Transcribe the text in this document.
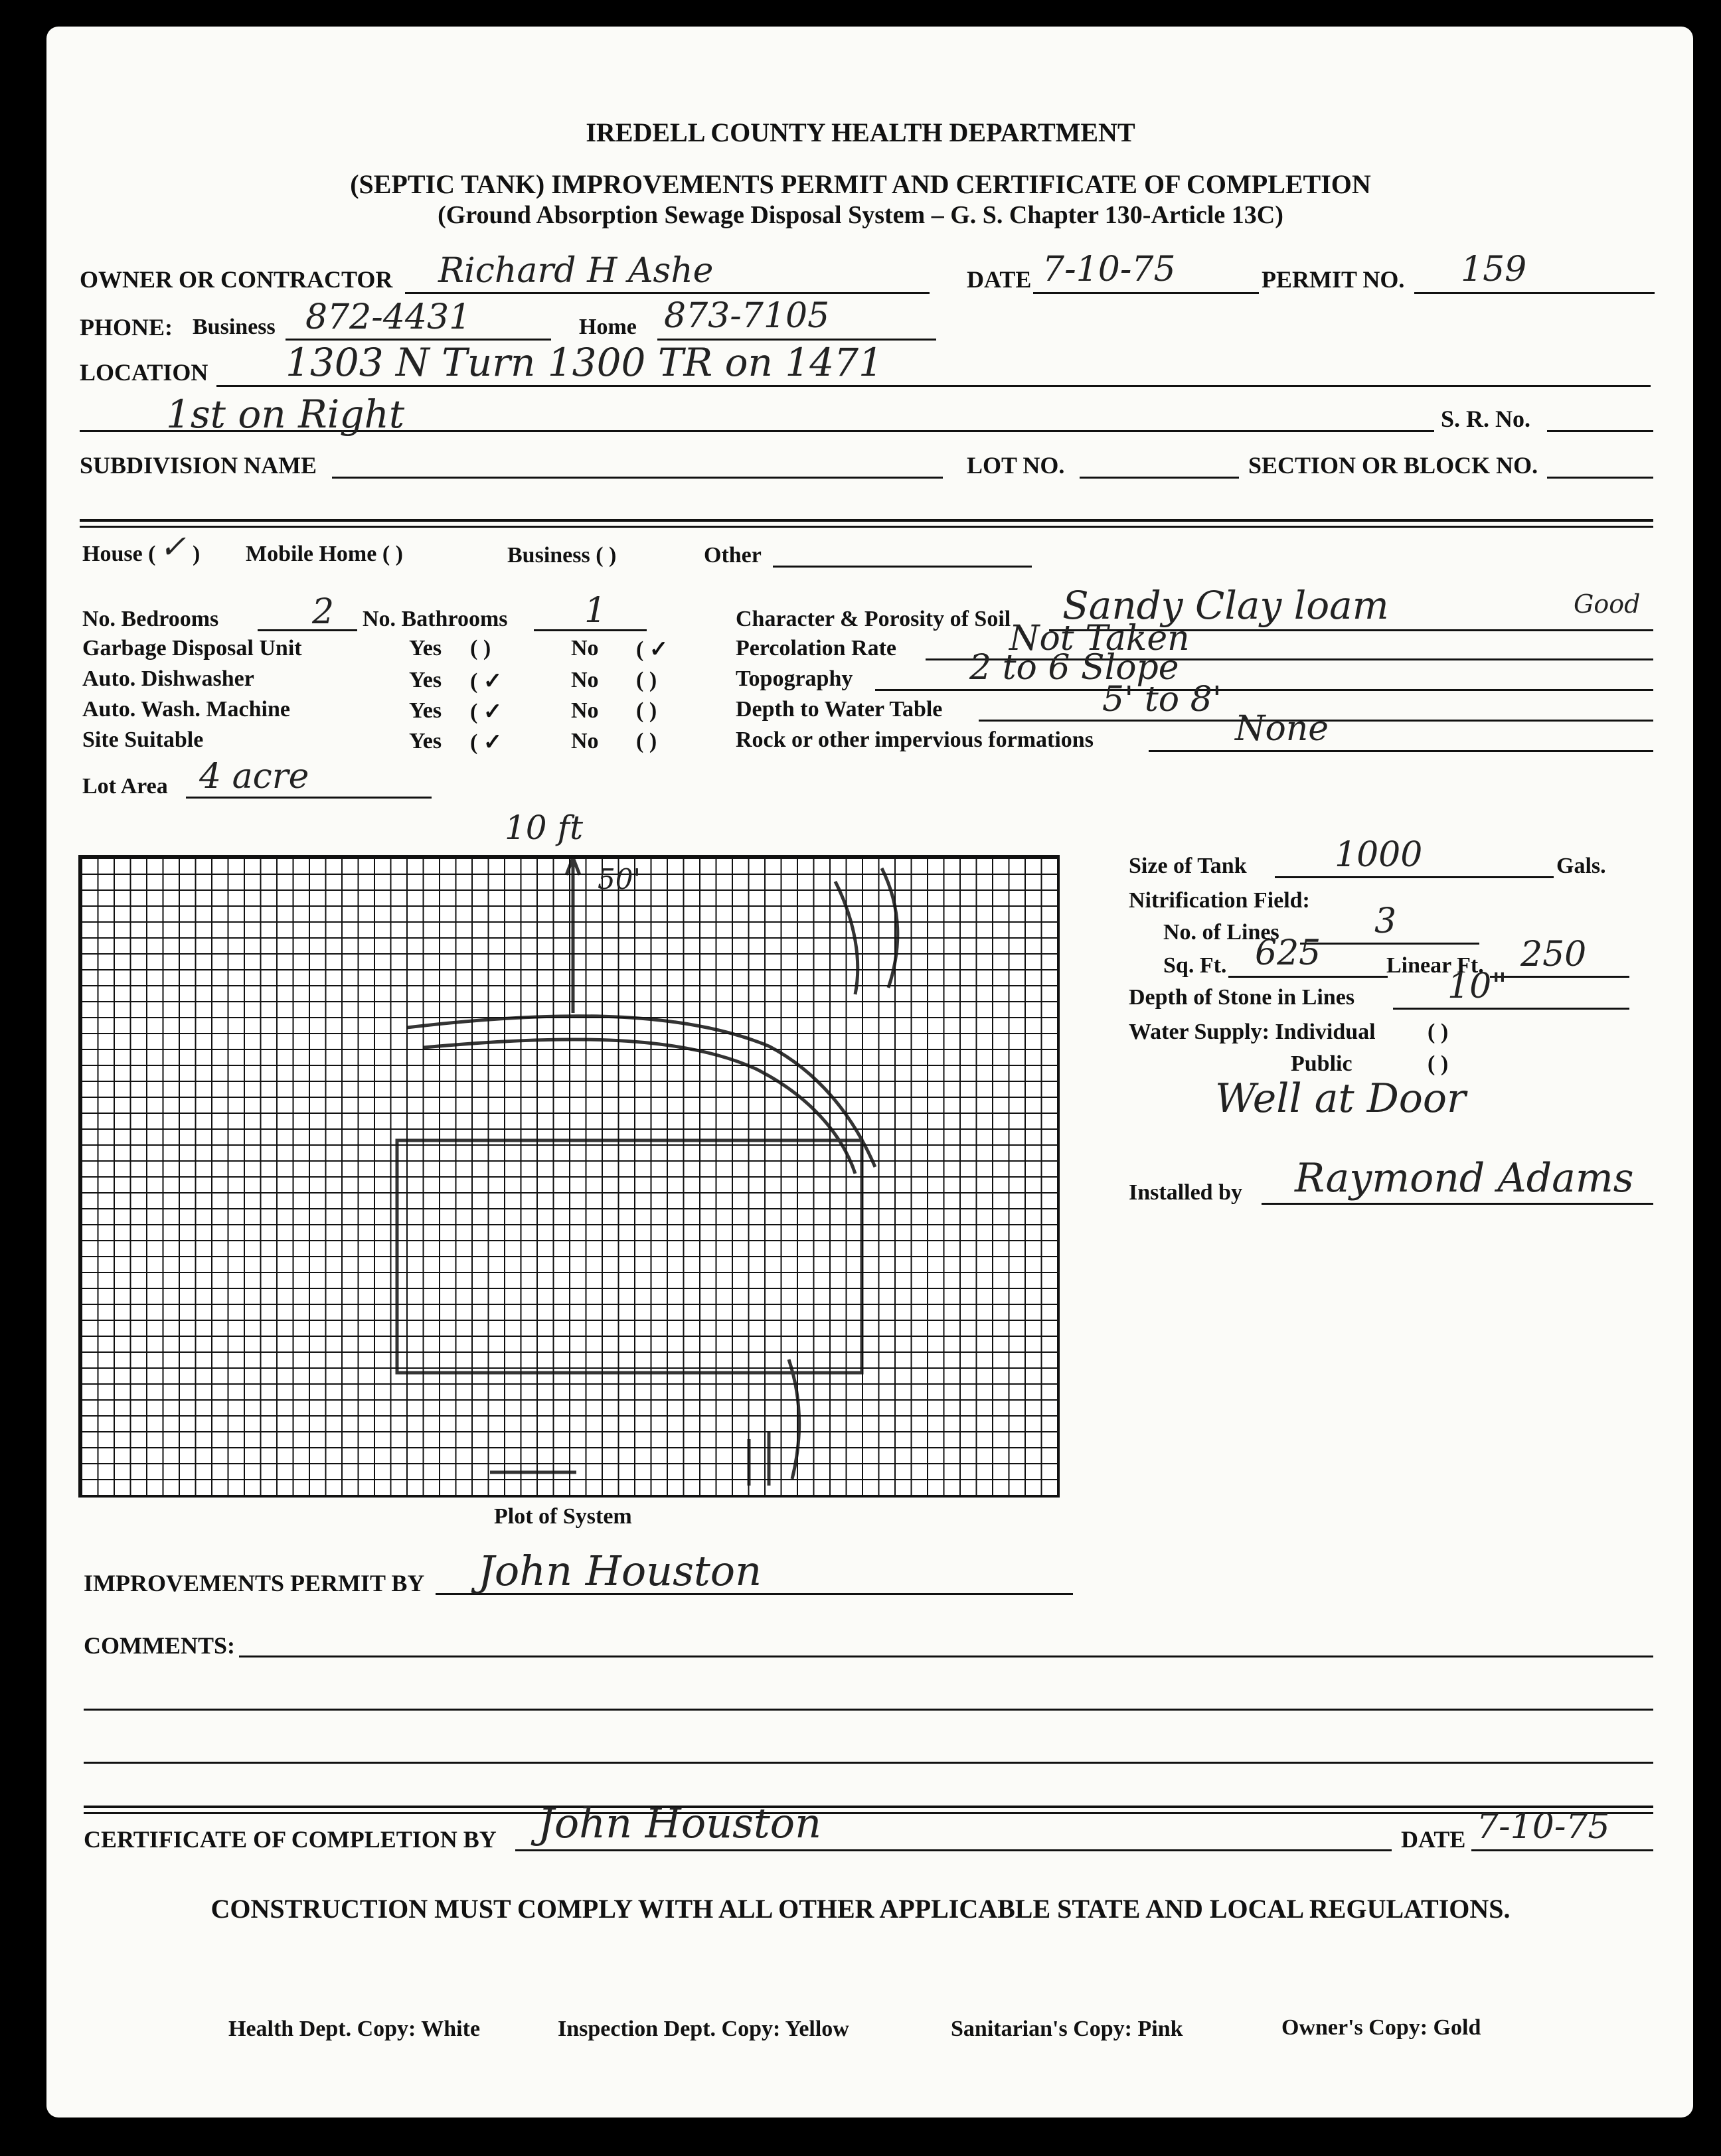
IREDELL COUNTY HEALTH DEPARTMENT
(SEPTIC TANK) IMPROVEMENTS PERMIT AND CERTIFICATE OF COMPLETION
(Ground Absorption Sewage Disposal System – G. S. Chapter 130-Article 13C)
OWNER OR CONTRACTOR Richard H Ashe	DATE 7-10-75	PERMIT NO. 159
PHONE: Business 872-4431	Home 873-7105
LOCATION 1303 N Turn 1300 TR on 1471
1st on Right	S. R. No.
SUBDIVISION NAME	LOT NO.	SECTION OR BLOCK NO.
House ( ✓ ) Mobile Home ( )	Business ( )	Other
No. Bedrooms	2 No. Bathrooms 1
Garbage Disposal Unit	Yes ( )	No ( ✓
Auto. Dishwasher	Yes ( ✓	No ( )
Auto. Wash. Machine	Yes ( ✓	No ( )
Site Suitable	Yes ( ✓	No ( )
Lot Area 4 acre
Character & Porosity of Soil Sandy Clay loam	Good
Percolation Rate	Not Taken
Topography	2 to 6 Slope
Depth to Water Table	5' to 8'
Rock or other impervious formations	None
10 ft
50'
Plot of System
Size of Tank	1000	Gals.
Nitrification Field:
No. of Lines	3
Sq. Ft. 625	Linear Ft. 250
Depth of Stone in Lines	10"
Water Supply: Individual ( )
Public	( )
Well at Door
Installed by Raymond Adams
IMPROVEMENTS PERMIT BY John Houston
COMMENTS:
CERTIFICATE OF COMPLETION BY John Houston	DATE 7-10-75
CONSTRUCTION MUST COMPLY WITH ALL OTHER APPLICABLE STATE AND LOCAL REGULATIONS.
Health Dept. Copy: White	Inspection Dept. Copy: Yellow	Sanitarian's Copy: Pink	Owner's Copy: Gold
